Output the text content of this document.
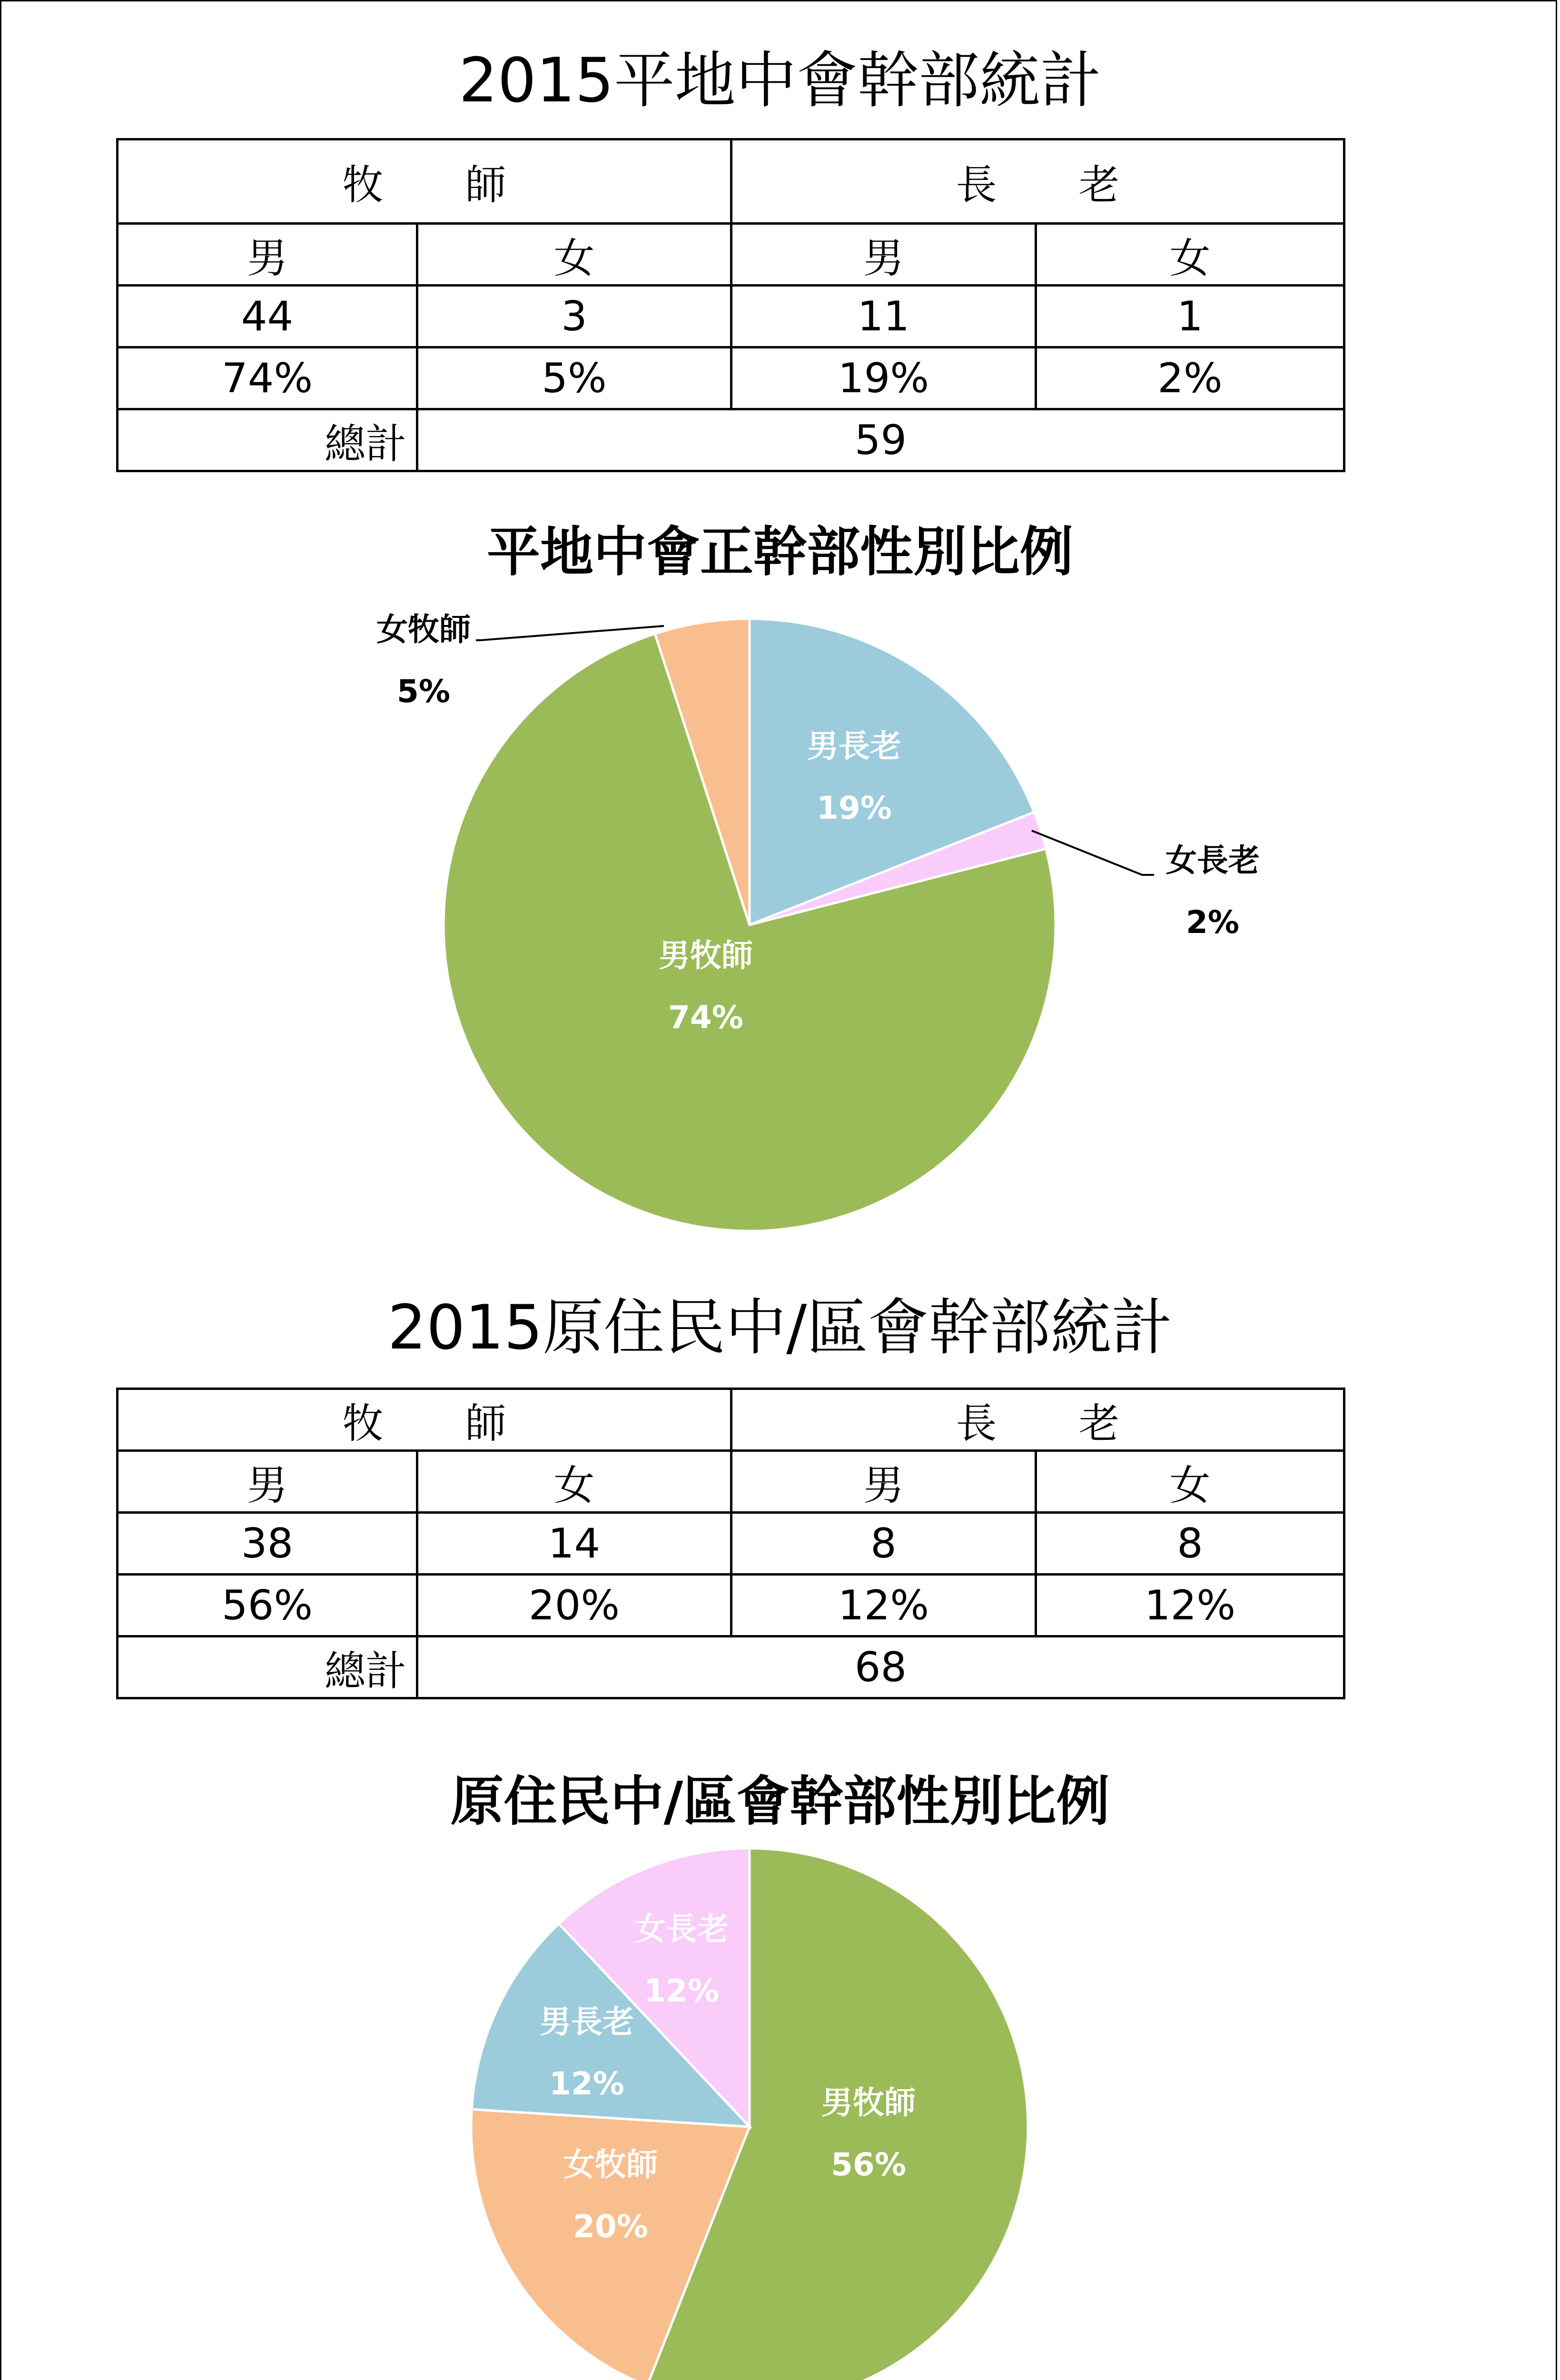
2015平地中會幹部統計
牧　　師		長　　老	
男	女	男	女
44	3	11	1
74%	5%	19%	2%
總計	59		
平地中會正幹部性別比例
男長老
19%
女長老
2%
男牧師
74%
女牧師
5%
2015原住民中/區會幹部統計
牧　　師		長　　老	
男	女	男	女
38	14	8	8
56%	20%	12%	12%
總計	68		
原住民中/區會幹部性別比例
男牧師
56%
女牧師
20%
男長老
12%
女長老
12%
